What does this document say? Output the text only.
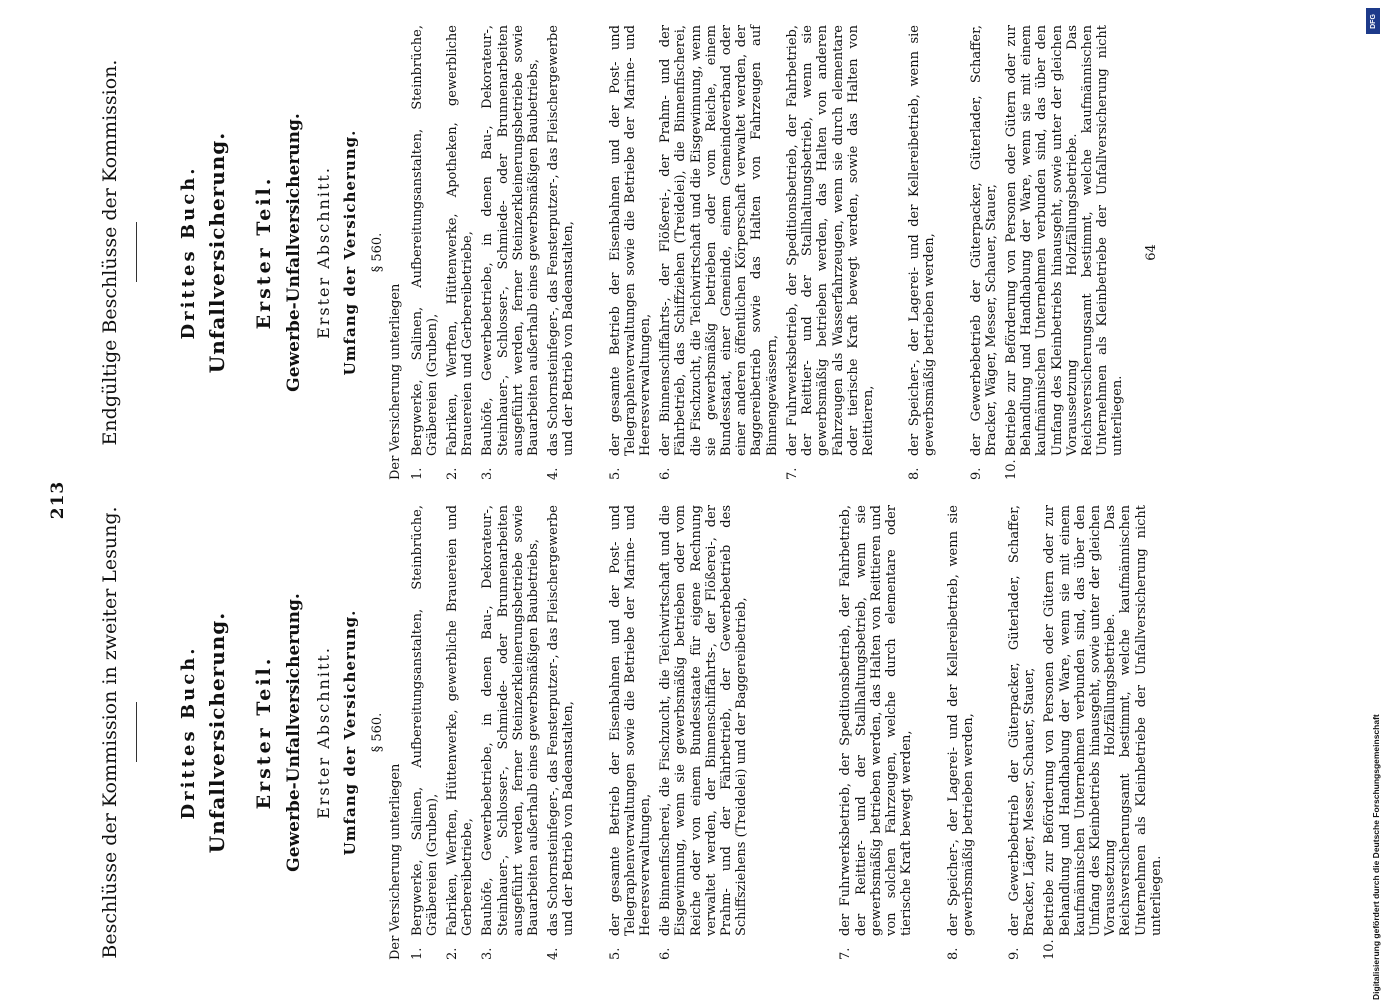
213
Beschlüsse der Kommission in zweiter Lesung.	Drittes Buch. Unfallversicherung. Erster Teil. Gewerbe-Unfallversicherung. Erster Abschnitt. Umfang der Versicherung. § 560.
Der Versicherung unterliegen 1.
Bergwerke, Salinen, Aufbereitungsanstalten, Steinbrüche, Gräbereien (Gruben),
2.
Fabriken, Werften, Hüttenwerke, gewerbliche Brauereien und Gerbereibetriebe,
3.
Bauhöfe, Gewerbebetriebe, in denen Bau-, Dekorateur-, Steinhauer-, Schlosser-, Schmiede- oder Brunnenarbeiten ausgeführt werden, ferner Steinzerkleinerungsbetriebe sowie Bauarbeiten außerhalb eines gewerbsmäßigen Baubetriebs,
4.
das Schornsteinfeger-, das Fensterputzer-, das Fleischergewerbe und der Betrieb von Badeanstalten,
5.
der gesamte Betrieb der Eisenbahnen und der Post- und Telegraphenverwaltungen sowie die Betriebe der Marine- und Heeresverwaltungen,
6.
die Binnenfischerei, die Fischzucht, die Teichwirtschaft und die Eisgewinnung, wenn sie gewerbsmäßig betrieben oder vom Reiche oder von einem Bundesstaate für eigene Rechnung verwaltet werden, der Binnenschiffahrts-, der Flößerei-, der Prahm- und der Fährbetrieb, der Gewerbebetrieb des Schiffsziehens (Treidelei) und der Baggereibetrieb,
7.
der Fuhrwerksbetrieb, der Speditionsbetrieb, der Fahrbetrieb, der Reittier- und der Stallhaltungsbetrieb, wenn sie gewerbsmäßig betrieben werden, das Halten von Reittieren und von solchen Fahrzeugen, welche durch elementare oder tierische Kraft bewegt werden,
8.
der Speicher-, der Lagerei- und der Kellereibetrieb, wenn sie gewerbsmäßig betrieben werden,
9.
der Gewerbebetrieb der Güterpacker, Güterlader, Schaffer, Bracker, Läger, Messer, Schauer, Stauer,
10.
Betriebe zur Beförderung von Personen oder Gütern oder zur Behandlung und Handhabung der Ware, wenn sie mit einem kaufmännischen Unternehmen verbunden sind, das über den Umfang des Kleinbetriebs hinausgeht, sowie unter der gleichen Voraussetzung Holzfällungsbetriebe. Das Reichsversicherungsamt bestimmt, welche kaufmännischen Unternehmen als Kleinbetriebe der Unfallversicherung nicht unterliegen.
Endgültige Beschlüsse der Kommission.	Drittes Buch. Unfallversicherung. Erster Teil. Gewerbe-Unfallversicherung. Erster Abschnitt. Umfang der Versicherung. § 560.
Der Versicherung unterliegen 1.
Bergwerke, Salinen, Aufbereitungsanstalten, Steinbrüche, Gräbereien (Gruben),
2.
Fabriken, Werften, Hüttenwerke, Apotheken, gewerbliche Brauereien und Gerbereibetriebe,
3.
Bauhöfe, Gewerbebetriebe, in denen Bau-, Dekorateur-, Steinhauer-, Schlosser-, Schmiede- oder Brunnenarbeiten ausgeführt werden, ferner Steinzerkleinerungsbetriebe sowie Bauarbeiten außerhalb eines gewerbsmäßigen Baubetriebs,
4.
das Schornsteinfeger-, das Fensterputzer-, das Fleischergewerbe und der Betrieb von Badeanstalten,
5.
der gesamte Betrieb der Eisenbahnen und der Post- und Telegraphenverwaltungen sowie die Betriebe der Marine- und Heeresverwaltungen,
6.
der Binnenschiffahrts-, der Flößerei-, der Prahm- und der Fährbetrieb, das Schiffziehen (Treidelei), die Binnenfischerei, die Fischzucht, die Teichwirtschaft und die Eisgewinnung, wenn sie gewerbsmäßig betrieben oder vom Reiche, einem Bundesstaat, einer Gemeinde, einem Gemeindeverband oder einer anderen öffentlichen Körperschaft verwaltet werden, der Baggereibetrieb sowie das Halten von Fahrzeugen auf Binnengewässern,
7.
der Fuhrwerksbetrieb, der Speditionsbetrieb, der Fahrbetrieb, der Reittier- und der Stallhaltungsbetrieb, wenn sie gewerbsmäßig betrieben werden, das Halten von anderen Fahrzeugen als Wasserfahrzeugen, wenn sie durch elementare oder tierische Kraft bewegt werden, sowie das Halten von Reittieren,
8.
der Speicher-, der Lagerei- und der Kellereibetrieb, wenn sie gewerbsmäßig betrieben werden,
9.
der Gewerbebetrieb der Güterpacker, Güterlader, Schaffer, Bracker, Wäger, Messer, Schauer, Stauer,
10.
Betriebe zur Beförderung von Personen oder Gütern oder zur Behandlung und Handhabung der Ware, wenn sie mit einem kaufmännischen Unternehmen verbunden sind, das über den Umfang des Kleinbetriebs hinausgeht, sowie unter der gleichen Voraussetzung Holzfällungsbetriebe. Das Reichsversicherungsamt bestimmt, welche kaufmännischen Unternehmen als Kleinbetriebe der Unfallversicherung nicht unterliegen.
64
Digitalisierung gefördert durch die Deutsche Forschungsgemeinschaft
DFG
